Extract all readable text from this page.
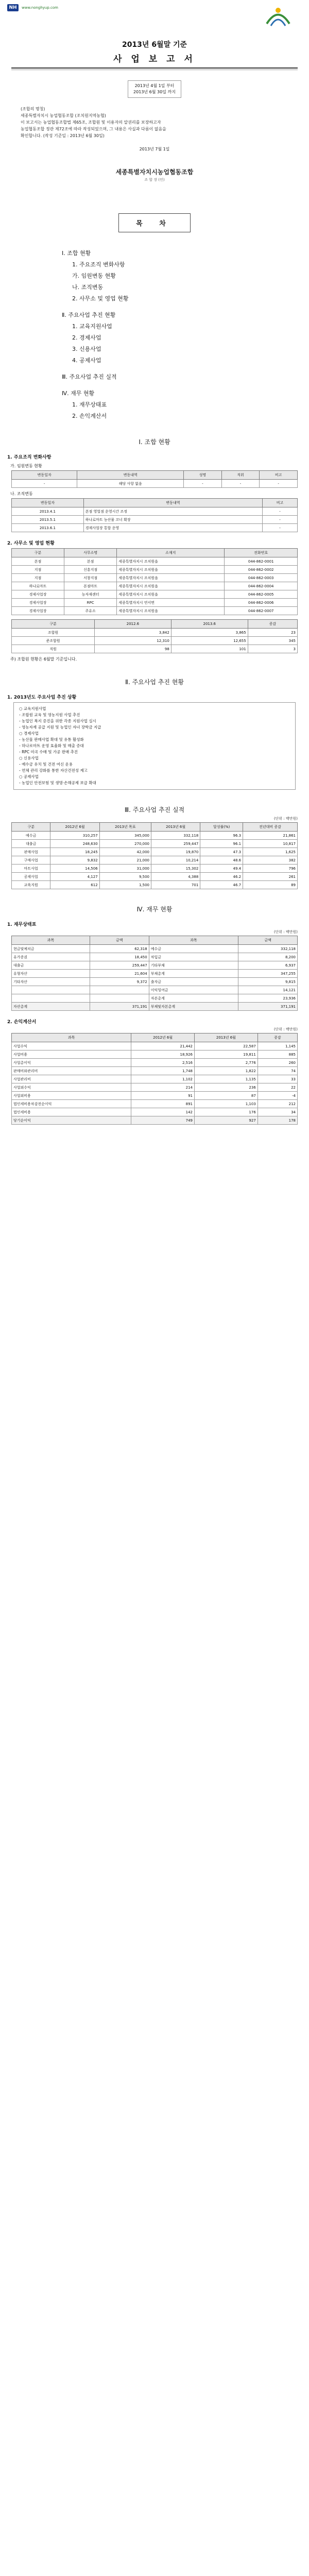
NH	www.nonghyup.com
2013년 6월말 기준
사 업 보 고 서
2013년 4월 1일 부터
2013년 6월 30일 까지

(조합의 명칭)

세종특별자치시 농업협동조합 (조치원지역농협)

이 보고서는 농업협동조합법 제65조, 조합원 및 이용자의 알권리를 보장하고자

농업협동조합 정관 제72조에 따라 작성되었으며, 그 내용은 사실과 다름이 없음을

확인합니다. (작성 기준일 : 2013년 6월 30일)

2013년 7월 1일
세종특별자치시농업협동조합
조 합 장 (인)
목 차
Ⅰ. 조합 현황
1. 주요조직 변화사항
가. 임원변동 현황
나. 조직변동
2. 사무소 및 영업 현황
Ⅱ. 주요사업 추진 현황
1. 교육지원사업
2. 경제사업
3. 신용사업
4. 공제사업
Ⅲ. 주요사업 추진 실적
Ⅳ. 재무 현황
1. 재무상태표
2. 손익계산서
Ⅰ. 조합 현황
1. 주요조직 변화사항
가. 임원변동 현황
변동일자	변동내역	성명	직위	비고
-	해당 사항 없음	-	-	-
나. 조직변동
변동일자	변동내역	비고
2013.4.1	본점 영업점 운영시간 조정	-
2013.5.1	하나로마트 농산물 코너 확장	-
2013.6.1	경제사업장 통합 운영	-
2. 사무소 및 영업 현황
구분	사무소명	소재지	전화번호
본점	본점	세종특별자치시 조치원읍	044-862-0001
지점	신흥지점	세종특별자치시 조치원읍	044-862-0002
지점	서창지점	세종특별자치시 조치원읍	044-862-0003
하나로마트	본점마트	세종특별자치시 조치원읍	044-862-0004
경제사업장	농자재센터	세종특별자치시 조치원읍	044-862-0005
경제사업장	RPC	세종특별자치시 연서면	044-862-0006
경제사업장	주유소	세종특별자치시 조치원읍	044-862-0007
구분	2012.6	2013.6	증감
조합원	3,842	3,865	23
준조합원	12,310	12,655	345
직원	98	101	3
주) 조합원 현황은 6월말 기준입니다.
Ⅱ. 주요사업 추진 현황
1. 2013년도 주요사업 추진 상황

○ 교육지원사업

- 조합원 교육 및 영농지원 사업 추진

- 농업인 복지 증진을 위한 각종 지원사업 실시

- 영농자재 공급 지원 및 농업인 자녀 장학금 지급

○ 경제사업

- 농산물 판매사업 확대 및 유통 활성화

- 하나로마트 운영 효율화 및 매출 증대

- RPC 미곡 수매 및 가공 판매 추진

○ 신용사업

- 예수금 유치 및 건전 여신 운용

- 연체 관리 강화를 통한 자산건전성 제고

○ 공제사업

- 농업인 안전보험 및 생명·손해공제 보급 확대

Ⅲ. 주요사업 추진 실적
(단위 : 백만원)
구분	2012년 6월	2013년 목표	2013년 6월	달성률(%)	전년대비 증감
예수금	310,257	345,000	332,118	96.3	21,861
대출금	248,630	270,000	259,447	96.1	10,817
판매사업	18,245	42,000	19,870	47.3	1,625
구매사업	9,832	21,000	10,214	48.6	382
마트사업	14,506	31,000	15,302	49.4	796
공제사업	4,127	9,500	4,388	46.2	261
교육지원	612	1,500	701	46.7	89
Ⅳ. 재무 현황
1. 재무상태표
(단위 : 백만원)
과목	금액	과목	금액
현금및예치금	62,318	예수금	332,118
유가증권	18,450	차입금	8,200
대출금	259,447	기타부채	6,937
유형자산	21,604	부채총계	347,255
기타자산	9,372	출자금	9,815
		이익잉여금	14,121
		자본총계	23,936
자산총계	371,191	부채및자본총계	371,191
2. 손익계산서
(단위 : 백만원)
과목	2012년 6월	2013년 6월	증감
사업수익	21,442	22,587	1,145
사업비용	18,926	19,811	885
사업총이익	2,516	2,776	260
판매비와관리비	1,748	1,822	74
사업관리비	1,102	1,135	33
사업외수익	214	236	22
사업외비용	91	87	-4
법인세비용차감전순이익	891	1,103	212
법인세비용	142	176	34
당기순이익	749	927	178
